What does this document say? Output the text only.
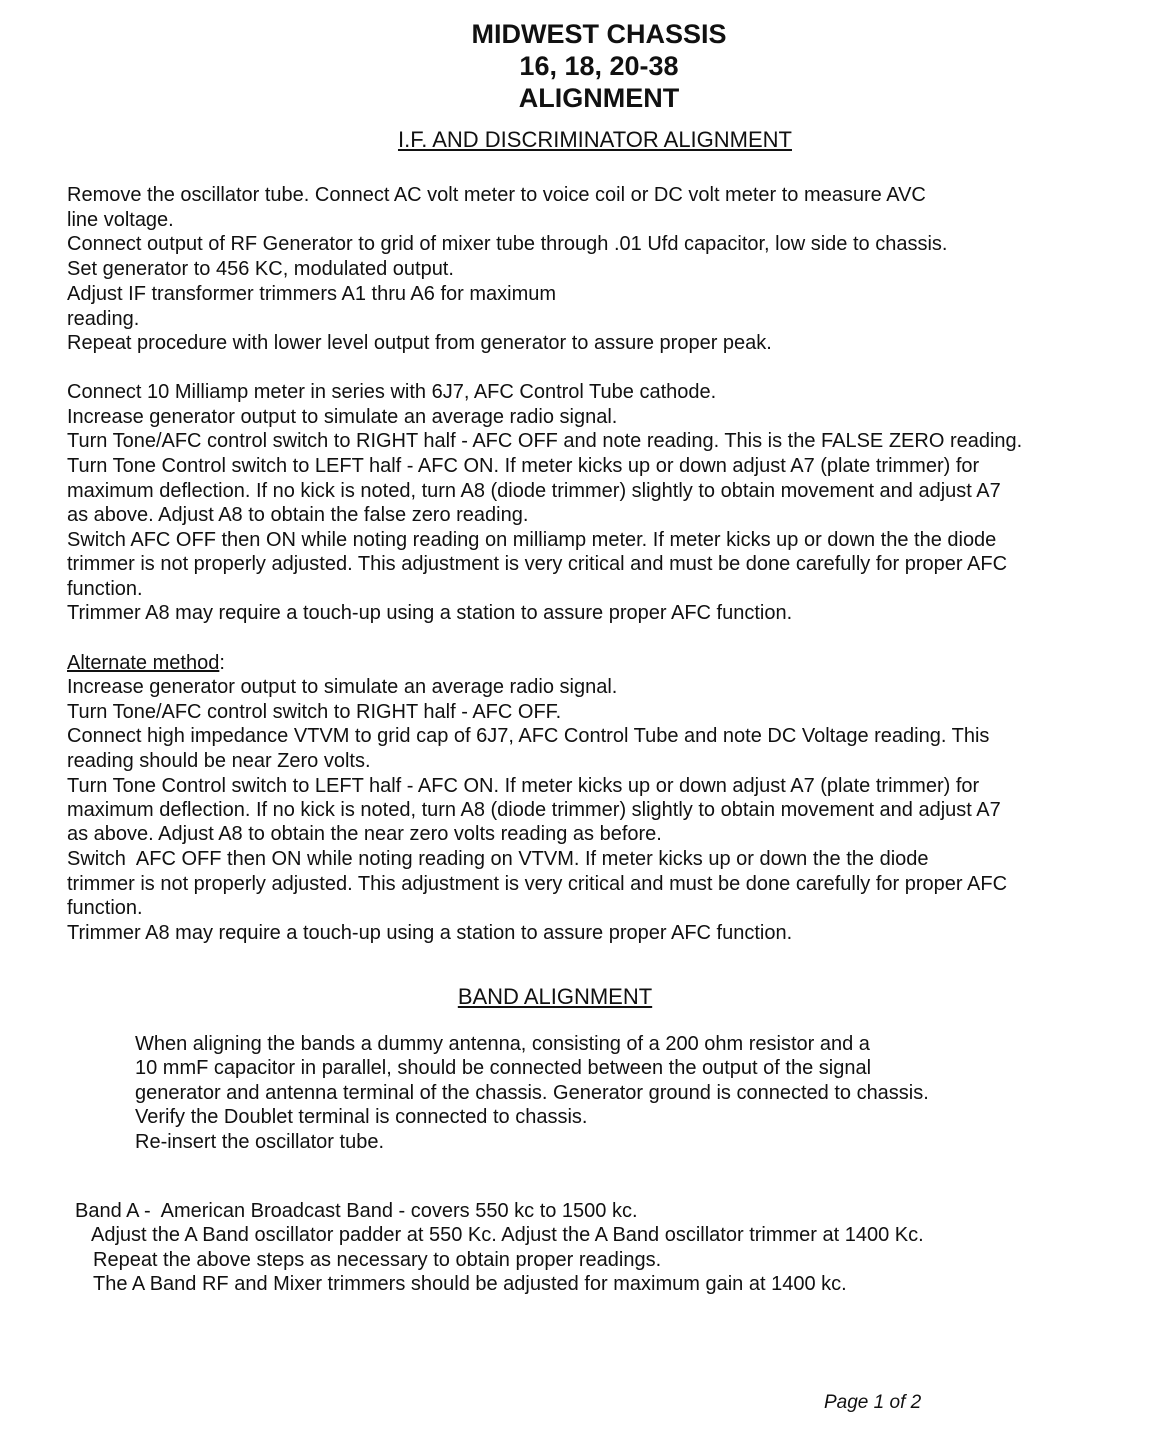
MIDWEST CHASSIS
16, 18, 20-38
ALIGNMENT
I.F. AND DISCRIMINATOR ALIGNMENT
Remove the oscillator tube. Connect AC volt meter to voice coil or DC volt meter to measure AVC
line voltage.
Connect output of RF Generator to grid of mixer tube through .01 Ufd capacitor, low side to chassis.
Set generator to 456 KC, modulated output.
Adjust IF transformer trimmers A1 thru A6 for maximum
reading.
Repeat procedure with lower level output from generator to assure proper peak.
Connect 10 Milliamp meter in series with 6J7, AFC Control Tube cathode.
Increase generator output to simulate an average radio signal.
Turn Tone/AFC control switch to RIGHT half - AFC OFF and note reading. This is the FALSE ZERO reading.
Turn Tone Control switch to LEFT half - AFC ON. If meter kicks up or down adjust A7 (plate trimmer) for
maximum deflection. If no kick is noted, turn A8 (diode trimmer) slightly to obtain movement and adjust A7
as above. Adjust A8 to obtain the false zero reading.
Switch AFC OFF then ON while noting reading on milliamp meter. If meter kicks up or down the the diode
trimmer is not properly adjusted. This adjustment is very critical and must be done carefully for proper AFC
function.
Trimmer A8 may require a touch-up using a station to assure proper AFC function.
Alternate method:
Increase generator output to simulate an average radio signal.
Turn Tone/AFC control switch to RIGHT half - AFC OFF.
Connect high impedance VTVM to grid cap of 6J7, AFC Control Tube and note DC Voltage reading. This
reading should be near Zero volts.
Turn Tone Control switch to LEFT half - AFC ON. If meter kicks up or down adjust A7 (plate trimmer) for
maximum deflection. If no kick is noted, turn A8 (diode trimmer) slightly to obtain movement and adjust A7
as above. Adjust A8 to obtain the near zero volts reading as before.
Switch  AFC OFF then ON while noting reading on VTVM. If meter kicks up or down the the diode
trimmer is not properly adjusted. This adjustment is very critical and must be done carefully for proper AFC
function.
Trimmer A8 may require a touch-up using a station to assure proper AFC function.
BAND ALIGNMENT
When aligning the bands a dummy antenna, consisting of a 200 ohm resistor and a
10 mmF capacitor in parallel, should be connected between the output of the signal
generator and antenna terminal of the chassis. Generator ground is connected to chassis.
Verify the Doublet terminal is connected to chassis.
Re-insert the oscillator tube.
Band A -  American Broadcast Band - covers 550 kc to 1500 kc.
Adjust the A Band oscillator padder at 550 Kc. Adjust the A Band oscillator trimmer at 1400 Kc.
Repeat the above steps as necessary to obtain proper readings.
The A Band RF and Mixer trimmers should be adjusted for maximum gain at 1400 kc.
Page 1 of 2
